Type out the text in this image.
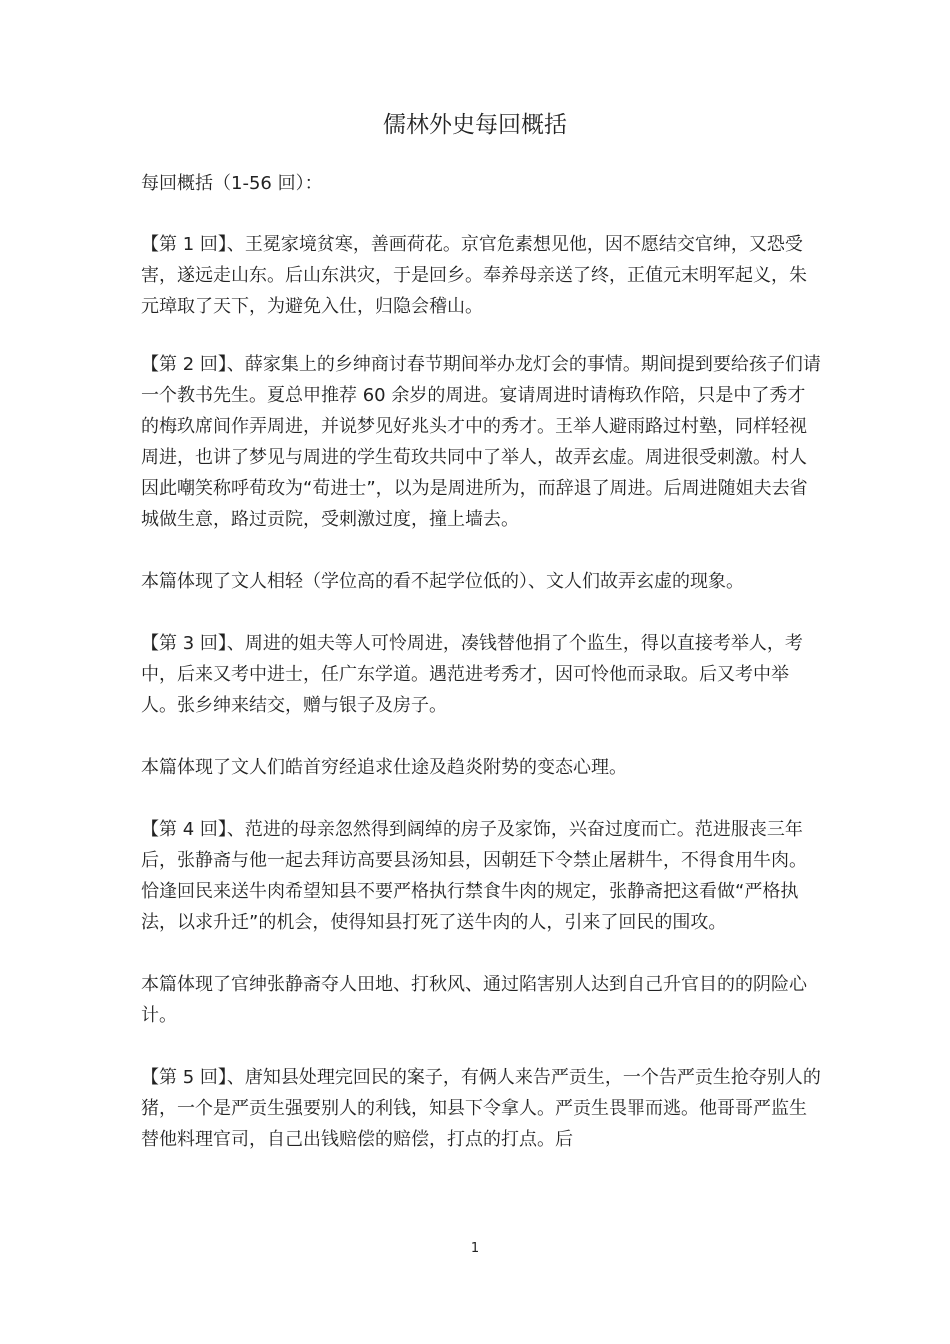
儒林外史每回概括

每回概括（1-56 回）：

【第 1 回】、王冕家境贫寒，善画荷花。京官危素想见他，因不愿结交官绅，又恐受害，遂远走山东。后山东洪灾，于是回乡。奉养母亲送了终，正值元末明军起义，朱元璋取了天下，为避免入仕，归隐会稽山。

【第 2 回】、薛家集上的乡绅商讨春节期间举办龙灯会的事情。期间提到要给孩子们请一个教书先生。夏总甲推荐 60 余岁的周进。宴请周进时请梅玖作陪，只是中了秀才的梅玖席间作弄周进，并说梦见好兆头才中的秀才。王举人避雨路过村塾，同样轻视周进，也讲了梦见与周进的学生荀玫共同中了举人，故弄玄虚。周进很受刺激。村人因此嘲笑称呼荀玫为“荀进士”，以为是周进所为，而辞退了周进。后周进随姐夫去省城做生意，路过贡院，受刺激过度，撞上墙去。

本篇体现了文人相轻（学位高的看不起学位低的）、文人们故弄玄虚的现象。

【第 3 回】、周进的姐夫等人可怜周进，凑钱替他捐了个监生，得以直接考举人，考中，后来又考中进士，任广东学道。遇范进考秀才，因可怜他而录取。后又考中举人。张乡绅来结交，赠与银子及房子。

本篇体现了文人们皓首穷经追求仕途及趋炎附势的变态心理。

【第 4 回】、范进的母亲忽然得到阔绰的房子及家饰，兴奋过度而亡。范进服丧三年后，张静斋与他一起去拜访高要县汤知县，因朝廷下令禁止屠耕牛，不得食用牛肉。恰逢回民来送牛肉希望知县不要严格执行禁食牛肉的规定，张静斋把这看做“严格执法，以求升迁”的机会，使得知县打死了送牛肉的人，引来了回民的围攻。

本篇体现了官绅张静斋夺人田地、打秋风、通过陷害别人达到自己升官目的的阴险心计。

【第 5 回】、唐知县处理完回民的案子，有俩人来告严贡生，一个告严贡生抢夺别人的猪，一个是严贡生强要别人的利钱，知县下令拿人。严贡生畏罪而逃。他哥哥严监生替他料理官司，自己出钱赔偿的赔偿，打点的打点。后

1
